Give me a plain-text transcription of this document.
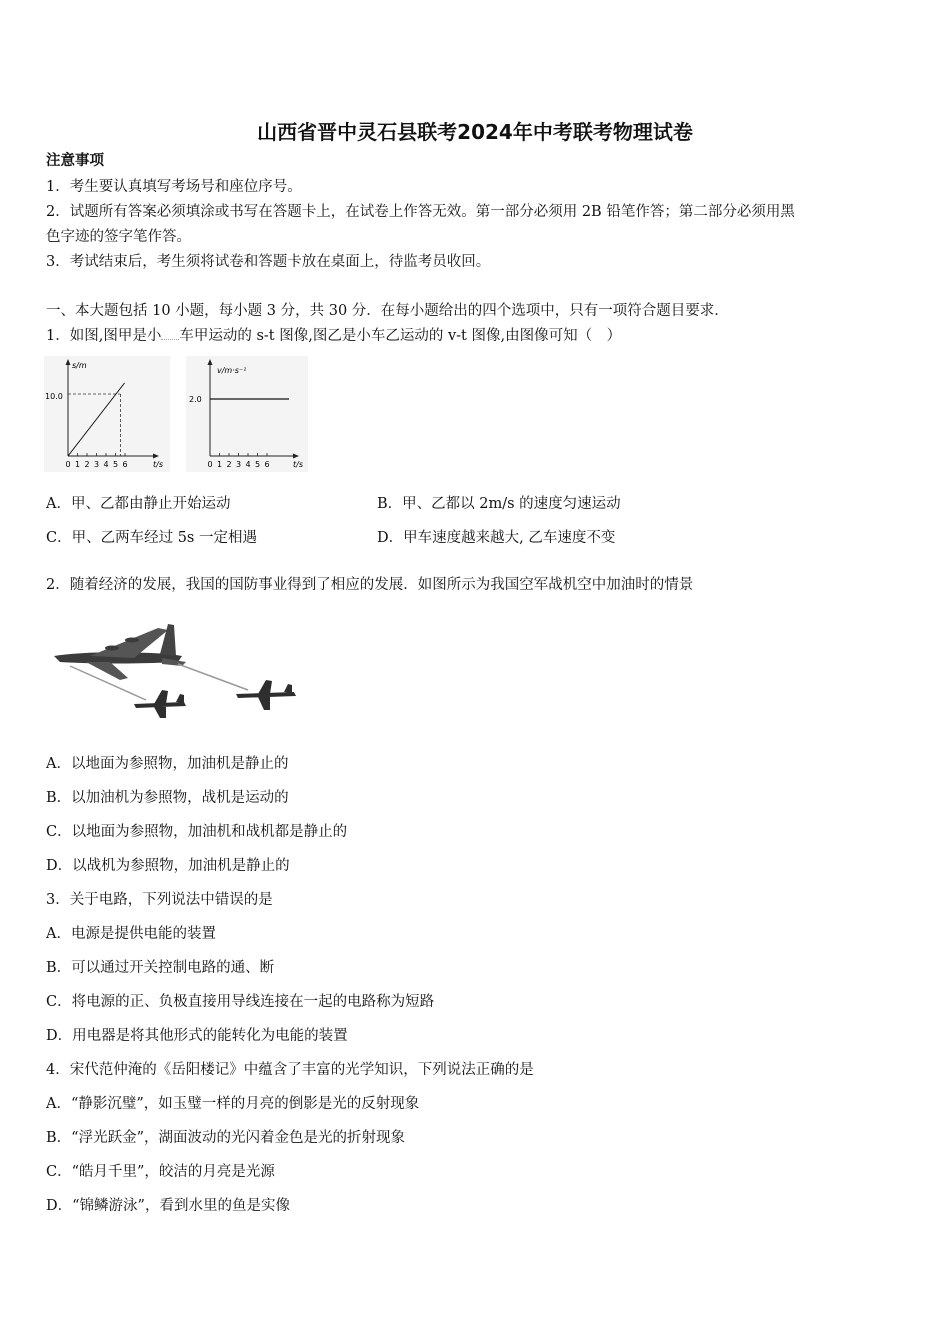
山西省晋中灵石县联考2024年中考联考物理试卷
注意事项
1．考生要认真填写考场号和座位序号。
2．试题所有答案必须填涂或书写在答题卡上，在试卷上作答无效。第一部分必须用 2B 铅笔作答；第二部分必须用黑
色字迹的签字笔作答。
3．考试结束后，考生须将试卷和答题卡放在桌面上，待监考员收回。
一、本大题包括 10 小题，每小题 3 分，共 30 分．在每小题给出的四个选项中，只有一项符合题目要求．
1．如图,图甲是小 车甲运动的 s-t 图像,图乙是小车乙运动的 v-t 图像,由图像可知（　）
s/m
10.0
t/s
0 1 2 3 4 5 6
v/m·s⁻¹
2.0
t/s
0 1 2 3 4 5 6
A．甲、乙都由静止开始运动	B．甲、乙都以 2m/s 的速度匀速运动
C．甲、乙两车经过 5s 一定相遇	D．甲车速度越来越大, 乙车速度不变
2．随着经济的发展，我国的国防事业得到了相应的发展．如图所示为我国空军战机空中加油时的情景
A．以地面为参照物，加油机是静止的
B．以加油机为参照物，战机是运动的
C．以地面为参照物，加油机和战机都是静止的
D．以战机为参照物，加油机是静止的
3．关于电路，下列说法中错误的是
A．电源是提供电能的装置
B．可以通过开关控制电路的通、断
C．将电源的正、负极直接用导线连接在一起的电路称为短路
D．用电器是将其他形式的能转化为电能的装置
4．宋代范仲淹的《岳阳楼记》中蕴含了丰富的光学知识，下列说法正确的是
A．“静影沉璧”，如玉璧一样的月亮的倒影是光的反射现象
B．“浮光跃金”，湖面波动的光闪着金色是光的折射现象
C．“皓月千里”，皎洁的月亮是光源
D．“锦鳞游泳”，看到水里的鱼是实像
